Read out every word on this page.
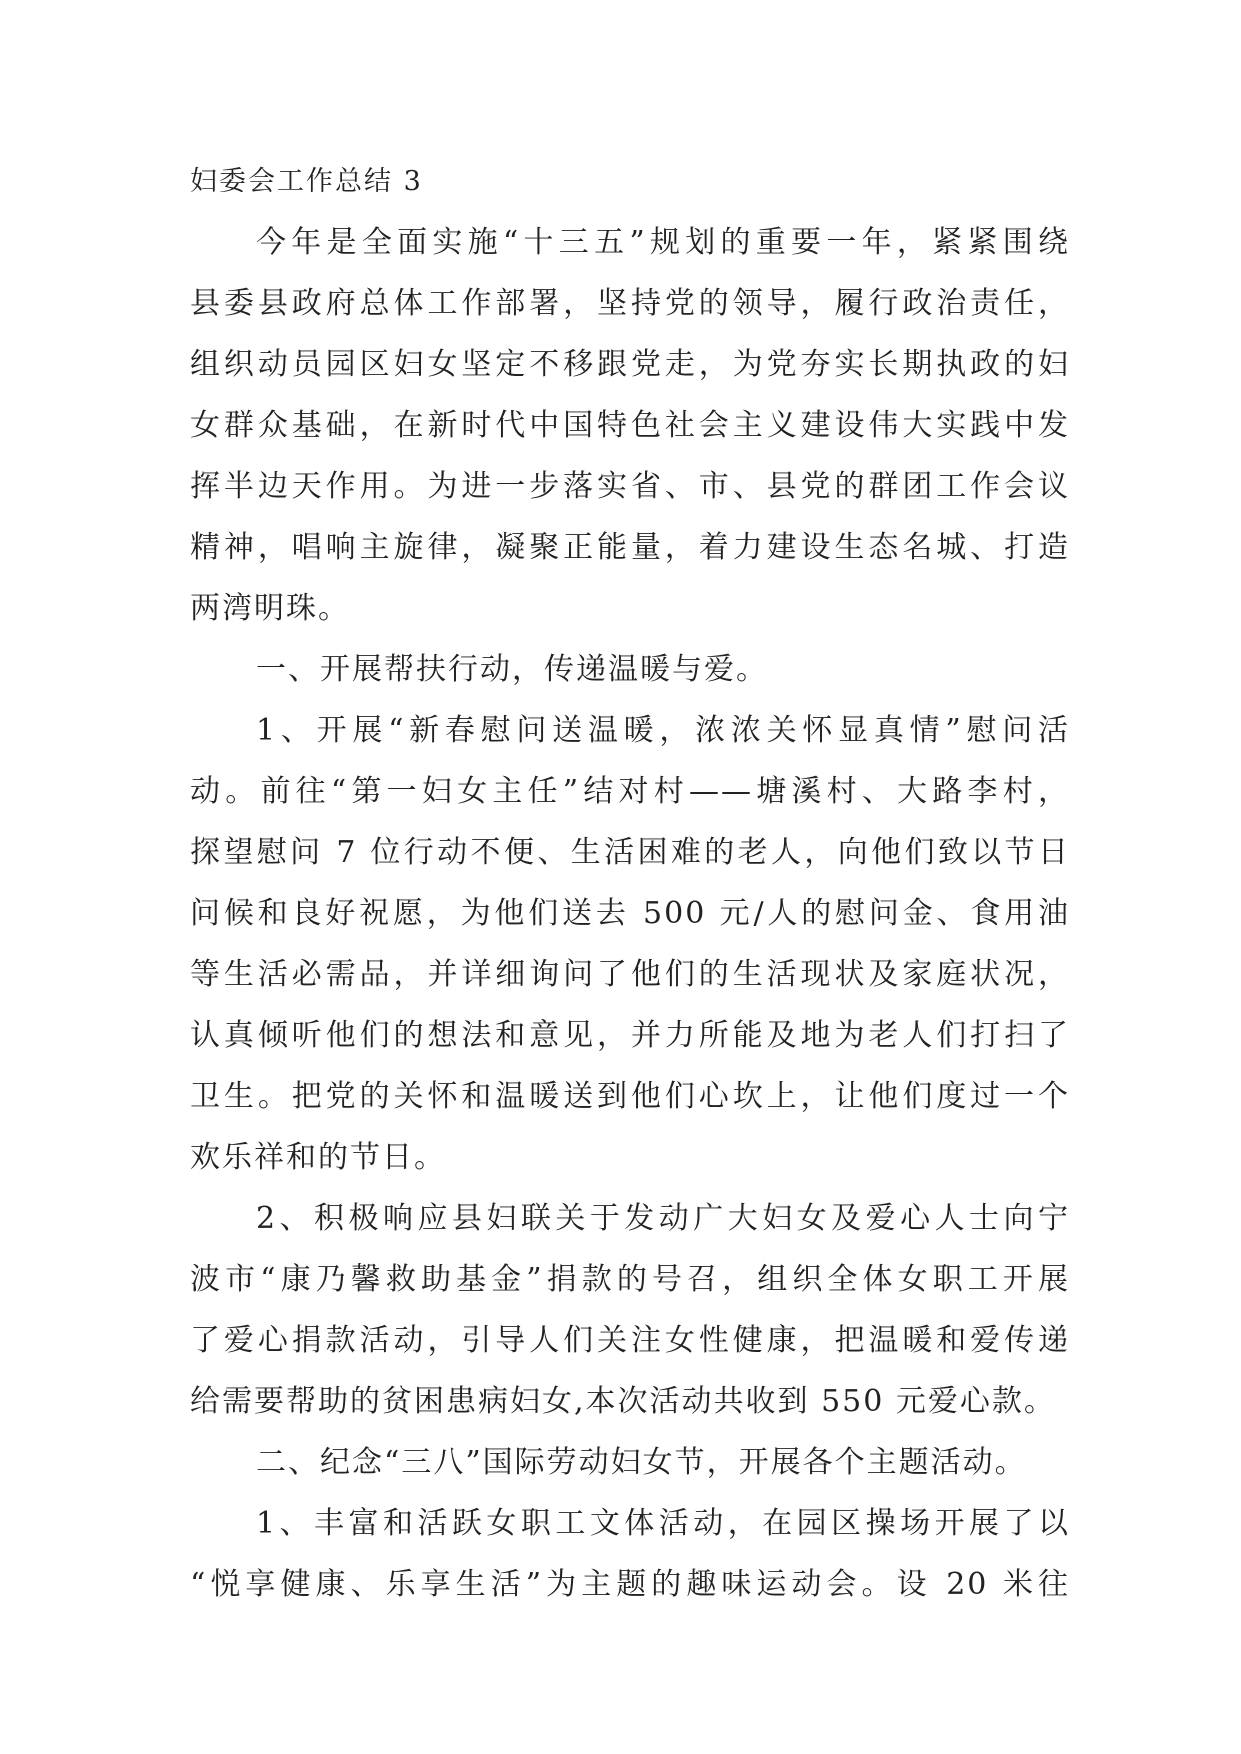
妇委会工作总结 3
今年是全面实施“十三五”规划的重要一年，紧紧围绕
县委县政府总体工作部署，坚持党的领导，履行政治责任，
组织动员园区妇女坚定不移跟党走，为党夯实长期执政的妇
女群众基础，在新时代中国特色社会主义建设伟大实践中发
挥半边天作用。为进一步落实省、市、县党的群团工作会议
精神，唱响主旋律，凝聚正能量，着力建设生态名城、打造
两湾明珠。
一、开展帮扶行动，传递温暖与爱。
1、开展“新春慰问送温暖，浓浓关怀显真情”慰问活
动。前往“第一妇女主任”结对村——塘溪村、大路李村，
探望慰问 7 位行动不便、生活困难的老人，向他们致以节日
问候和良好祝愿，为他们送去 500 元/人的慰问金、食用油
等生活必需品，并详细询问了他们的生活现状及家庭状况，
认真倾听他们的想法和意见，并力所能及地为老人们打扫了
卫生。把党的关怀和温暖送到他们心坎上，让他们度过一个
欢乐祥和的节日。
2、积极响应县妇联关于发动广大妇女及爱心人士向宁
波市“康乃馨救助基金”捐款的号召，组织全体女职工开展
了爱心捐款活动，引导人们关注女性健康，把温暖和爱传递
给需要帮助的贫困患病妇女,本次活动共收到 550 元爱心款。
二、纪念“三八”国际劳动妇女节，开展各个主题活动。
1、丰富和活跃女职工文体活动，在园区操场开展了以
“悦享健康、乐享生活”为主题的趣味运动会。设 20 米往
